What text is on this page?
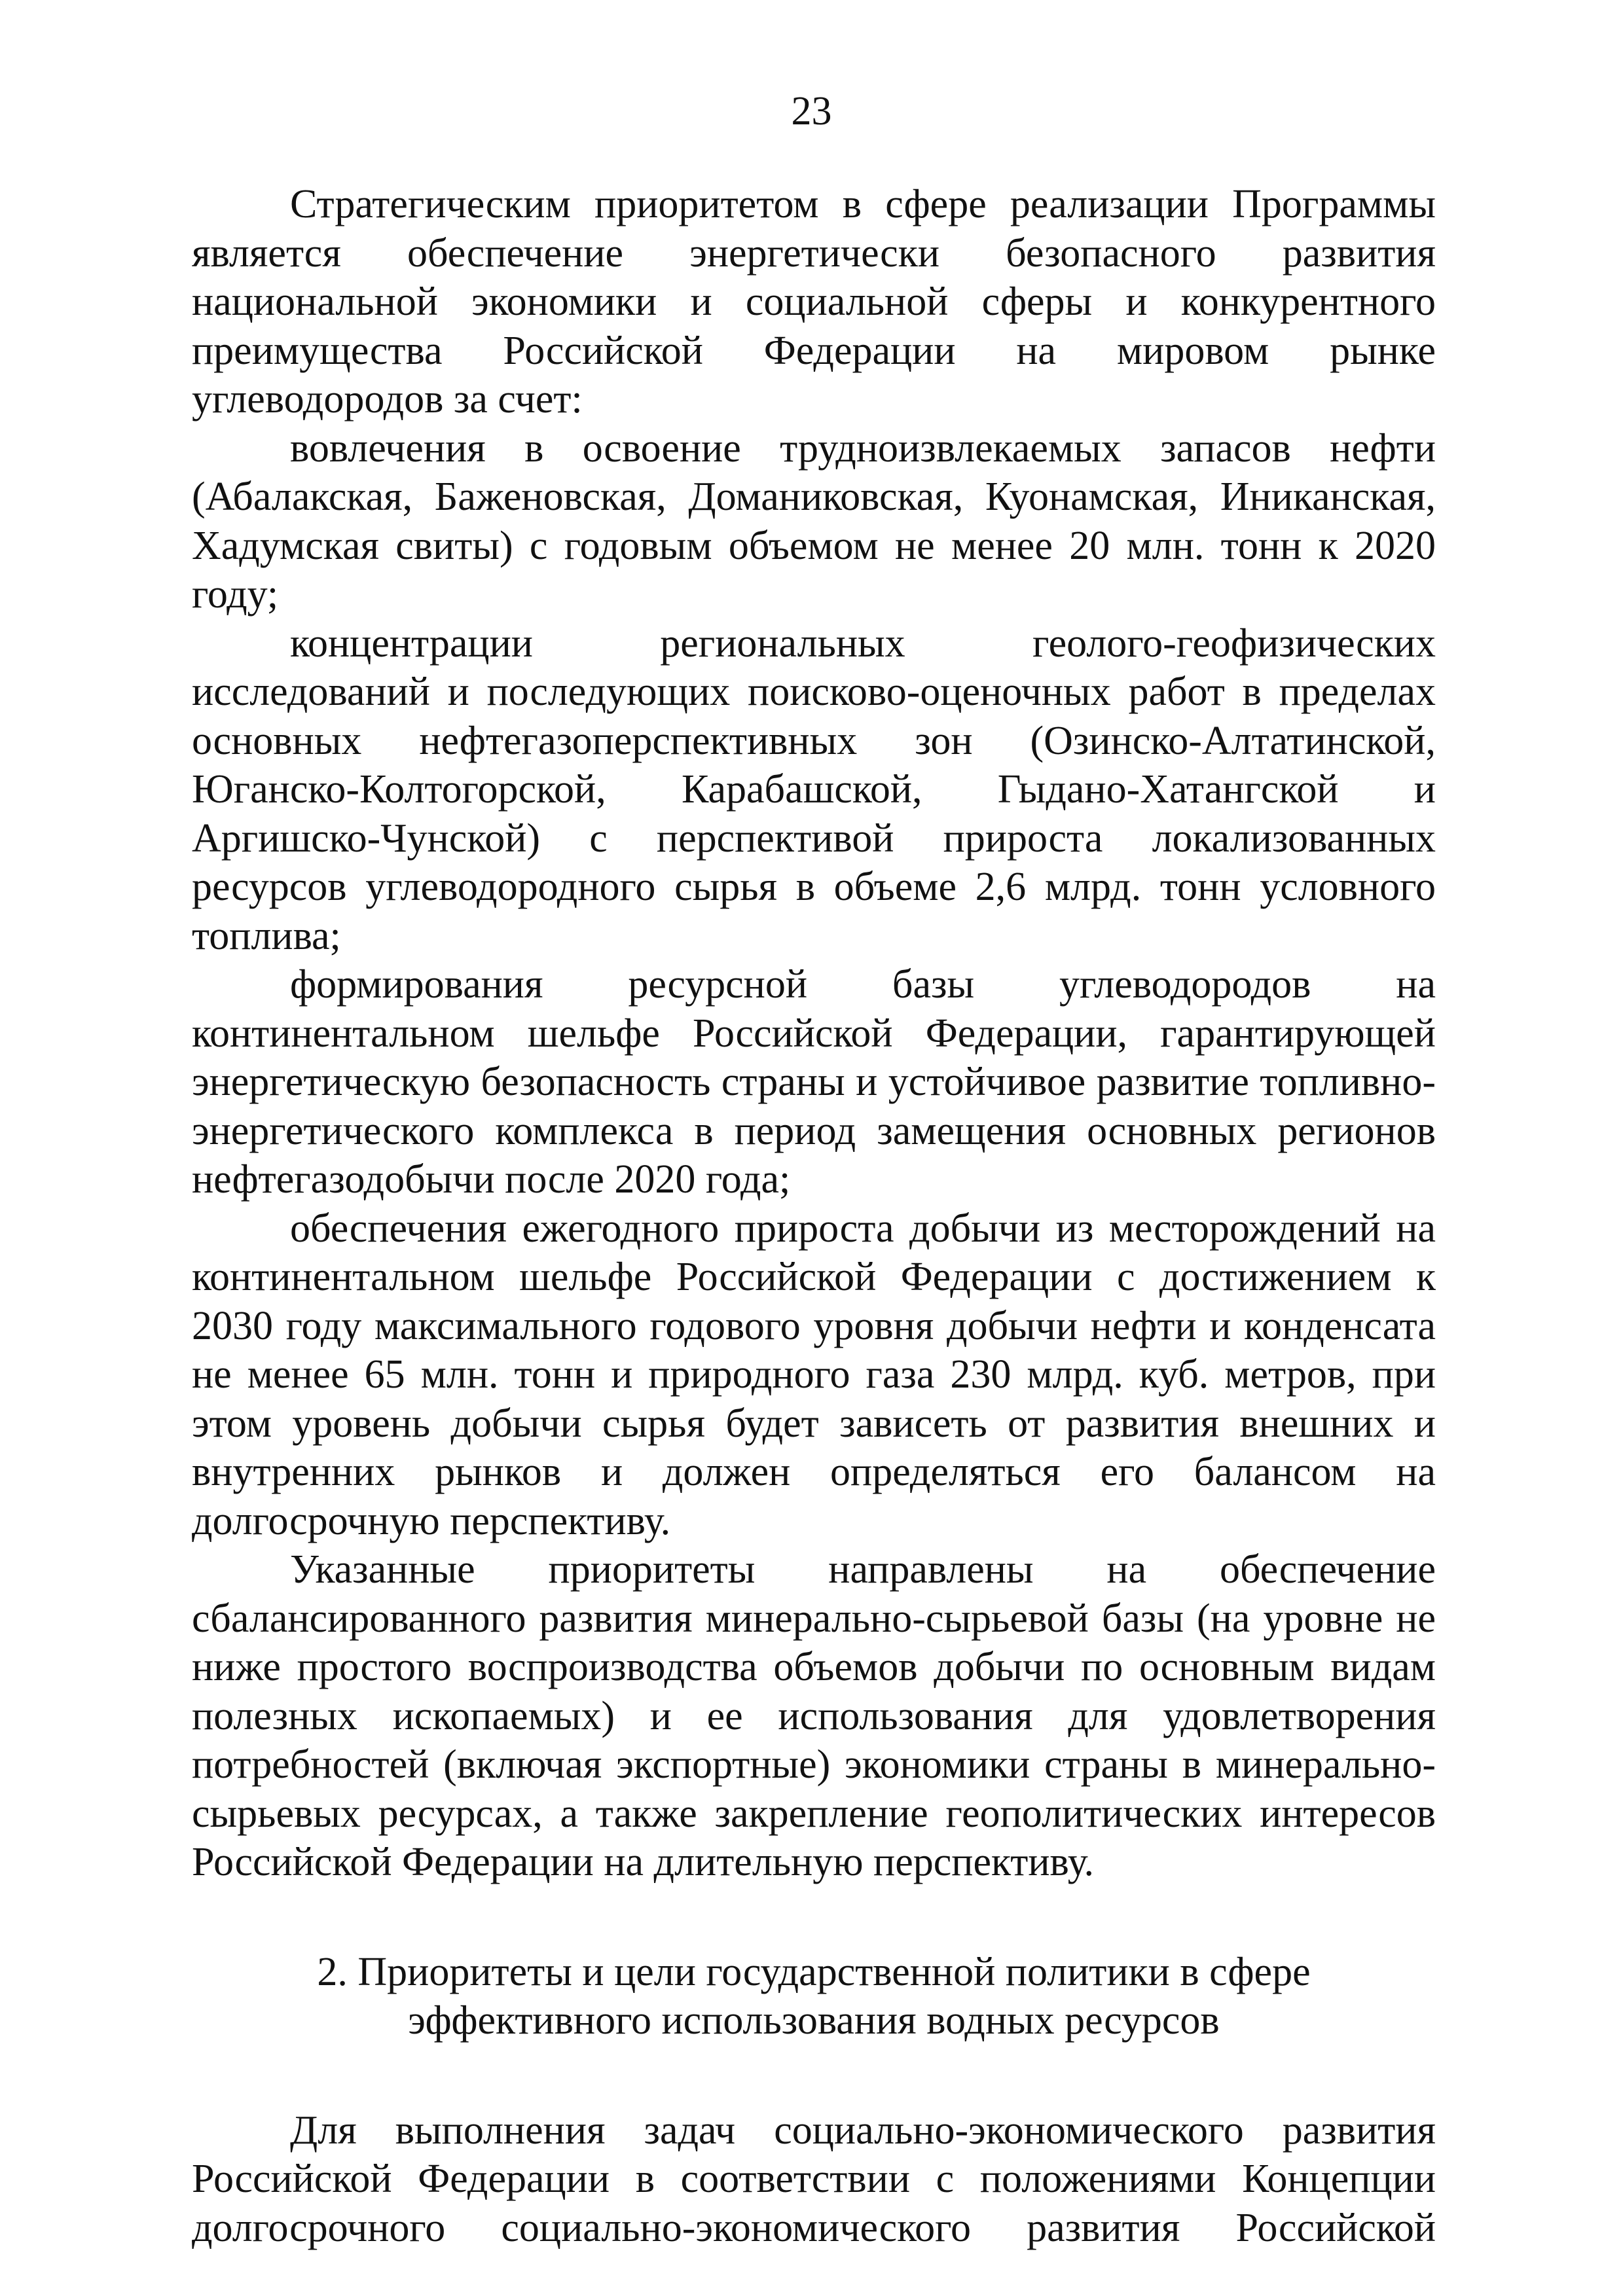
23

Стратегическим приоритетом в сфере реализации Программы является обеспечение энергетически безопасного развития национальной экономики и социальной сферы и конкурентного преимущества Российской Федерации на мировом рынке углеводородов за счет:

вовлечения в освоение трудноизвлекаемых запасов нефти (Абалакская, Баженовская, Доманиковская, Куонамская, Иниканская, Хадумская свиты) с годовым объемом не менее 20 млн. тонн к 2020 году;

концентрации региональных геолого-геофизических исследований и последующих поисково-оценочных работ в пределах основных нефтегазоперспективных зон (Озинско-Алтатинской, Юганско-Колтогорской, Карабашской, Гыдано-Хатангской и Аргишско-Чунской) с перспективой прироста локализованных ресурсов углеводородного сырья в объеме 2,6 млрд. тонн условного топлива;

формирования ресурсной базы углеводородов на континентальном шельфе Российской Федерации, гарантирующей энергетическую безопасность страны и устойчивое развитие топливно-энергетического комплекса в период замещения основных регионов нефтегазодобычи после 2020 года;

обеспечения ежегодного прироста добычи из месторождений на континентальном шельфе Российской Федерации с достижением к 2030 году максимального годового уровня добычи нефти и конденсата не менее 65 млн. тонн и природного газа 230 млрд. куб. метров, при этом уровень добычи сырья будет зависеть от развития внешних и внутренних рынков и должен определяться его балансом на долгосрочную перспективу.

Указанные приоритеты направлены на обеспечение сбалансированного развития минерально-сырьевой базы (на уровне не ниже простого воспроизводства объемов добычи по основным видам полезных ископаемых) и ее использования для удовлетворения потребностей (включая экспортные) экономики страны в минерально-сырьевых ресурсах, а также закрепление геополитических интересов Российской Федерации на длительную перспективу.

2. Приоритеты и цели государственной политики в сфере
эффективного использования водных ресурсов

Для выполнения задач социально-экономического развития Российской Федерации в соответствии с положениями Концепции долгосрочного социально-экономического развития Российской
